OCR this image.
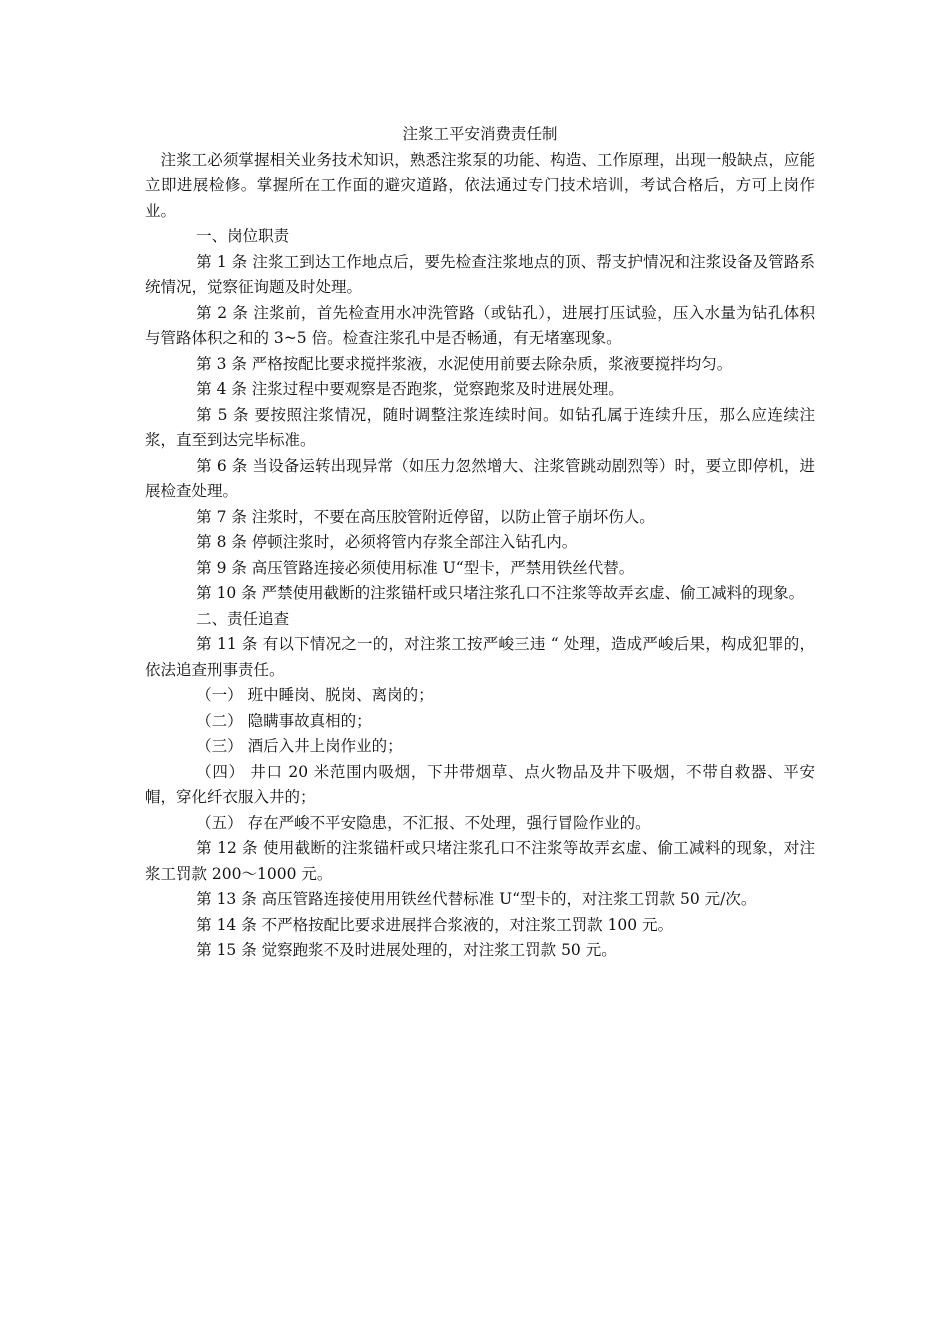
注浆工平安消费责任制

注浆工必须掌握相关业务技术知识，熟悉注浆泵的功能、构造、工作原理，出现一般缺点，应能立即进展检修。掌握所在工作面的避灾道路，依法通过专门技术培训，考试合格后，方可上岗作业。

一、岗位职责

第 1 条 注浆工到达工作地点后，要先检查注浆地点的顶、帮支护情况和注浆设备及管路系统情况，觉察征询题及时处理。

第 2 条 注浆前，首先检查用水冲洗管路（或钻孔），进展打压试验，压入水量为钻孔体积与管路体积之和的 3~5 倍。检查注浆孔中是否畅通，有无堵塞现象。

第 3 条 严格按配比要求搅拌浆液，水泥使用前要去除杂质，浆液要搅拌均匀。

第 4 条 注浆过程中要观察是否跑浆，觉察跑浆及时进展处理。

第 5 条 要按照注浆情况，随时调整注浆连续时间。如钻孔属于连续升压，那么应连续注浆，直至到达完毕标准。

第 6 条 当设备运转出现异常（如压力忽然增大、注浆管跳动剧烈等）时，要立即停机，进展检查处理。

第 7 条 注浆时，不要在高压胶管附近停留，以防止管子崩坏伤人。

第 8 条 停顿注浆时，必须将管内存浆全部注入钻孔内。

第 9 条 高压管路连接必须使用标准 U“型卡，严禁用铁丝代替。

第 10 条 严禁使用截断的注浆锚杆或只堵注浆孔口不注浆等故弄玄虚、偷工减料的现象。

二、责任追查

第 11 条 有以下情况之一的，对注浆工按严峻三违 “ 处理，造成严峻后果，构成犯罪的，依法追查刑事责任。

（一） 班中睡岗、脱岗、离岗的；

（二） 隐瞒事故真相的；

（三） 酒后入井上岗作业的；

（四） 井口 20 米范围内吸烟，下井带烟草、点火物品及井下吸烟，不带自救器、平安帽，穿化纤衣服入井的；

（五） 存在严峻不平安隐患，不汇报、不处理，强行冒险作业的。

第 12 条 使用截断的注浆锚杆或只堵注浆孔口不注浆等故弄玄虚、偷工减料的现象，对注浆工罚款 200～1000 元。

第 13 条 高压管路连接使用用铁丝代替标准 U“型卡的，对注浆工罚款 50 元/次。

第 14 条 不严格按配比要求进展拌合浆液的，对注浆工罚款 100 元。

第 15 条 觉察跑浆不及时进展处理的，对注浆工罚款 50 元。
